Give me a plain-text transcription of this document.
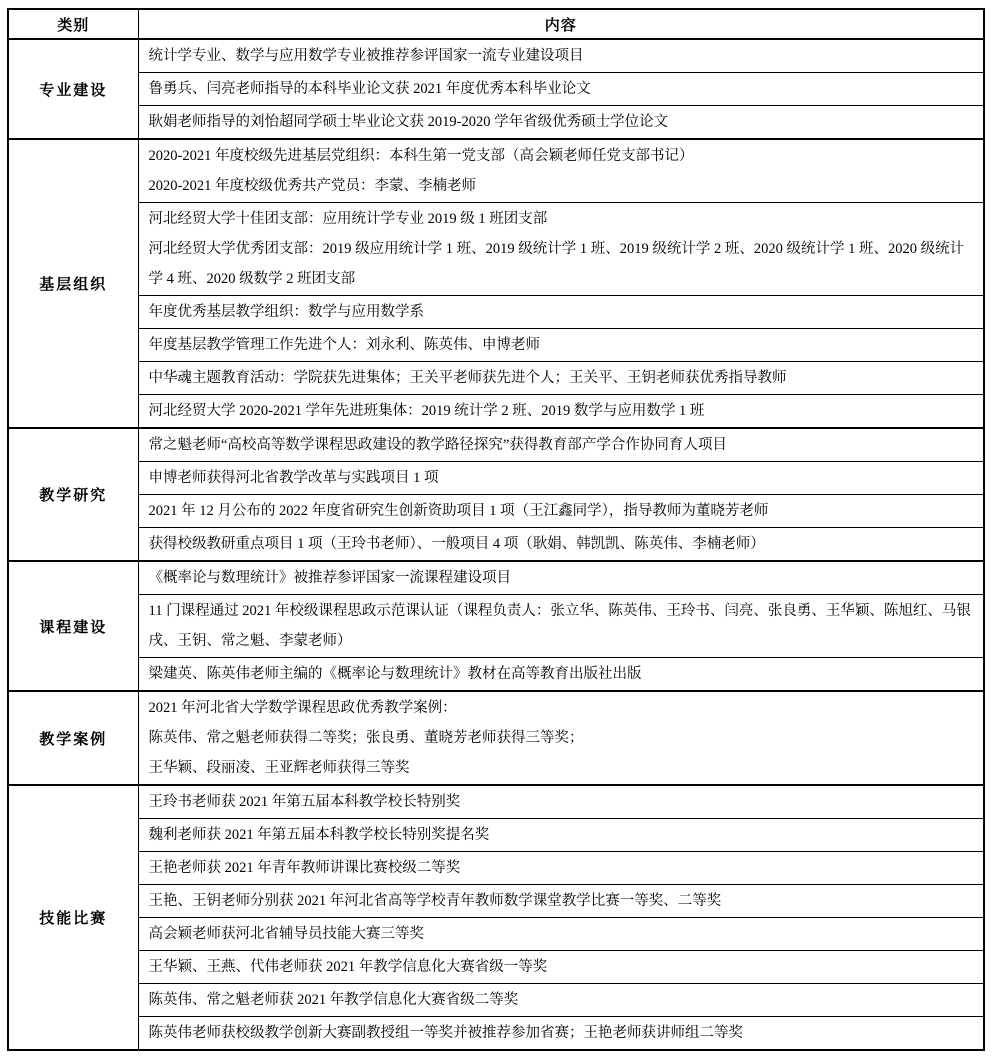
类别	内容
专业建设	统计学专业、数学与应用数学专业被推荐参评国家一流专业建设项目

	鲁勇兵、闫亮老师指导的本科毕业论文获 2021 年度优秀本科毕业论文

	耿娟老师指导的刘怡超同学硕士毕业论文获 2019-2020 学年省级优秀硕士学位论文

基层组织	2020-2021 年度校级先进基层党组织：本科生第一党支部（高会颖老师任党支部书记）
2020-2021 年度校级优秀共产党员：李蒙、李楠老师

	河北经贸大学十佳团支部：应用统计学专业 2019 级 1 班团支部
河北经贸大学优秀团支部：2019 级应用统计学 1 班、2019 级统计学 1 班、2019 级统计学 2 班、2020 级统计学 1 班、2020 级统计学 4 班、2020 级数学 2 班团支部

	年度优秀基层教学组织：数学与应用数学系

	年度基层教学管理工作先进个人：刘永利、陈英伟、申博老师

	中华魂主题教育活动：学院获先进集体；王关平老师获先进个人；王关平、王钥老师获优秀指导教师

	河北经贸大学 2020-2021 学年先进班集体：2019 统计学 2 班、2019 数学与应用数学 1 班

教学研究	常之魁老师“高校高等数学课程思政建设的教学路径探究”获得教育部产学合作协同育人项目

	申博老师获得河北省教学改革与实践项目 1 项

	2021 年 12 月公布的 2022 年度省研究生创新资助项目 1 项（王江鑫同学），指导教师为董晓芳老师

	获得校级教研重点项目 1 项（王玲书老师）、一般项目 4 项（耿娟、韩凯凯、陈英伟、李楠老师）

课程建设	《概率论与数理统计》被推荐参评国家一流课程建设项目

	11 门课程通过 2021 年校级课程思政示范课认证（课程负责人：张立华、陈英伟、王玲书、闫亮、张良勇、王华颖、陈旭红、马银戌、王钥、常之魁、李蒙老师）

	梁建英、陈英伟老师主编的《概率论与数理统计》教材在高等教育出版社出版

教学案例	2021 年河北省大学数学课程思政优秀教学案例：
陈英伟、常之魁老师获得二等奖；张良勇、董晓芳老师获得三等奖；
王华颖、段丽凌、王亚辉老师获得三等奖

技能比赛	王玲书老师获 2021 年第五届本科教学校长特别奖

	魏利老师获 2021 年第五届本科教学校长特别奖提名奖

	王艳老师获 2021 年青年教师讲课比赛校级二等奖

	王艳、王钥老师分别获 2021 年河北省高等学校青年教师数学课堂教学比赛一等奖、二等奖

	高会颖老师获河北省辅导员技能大赛三等奖

	王华颖、王燕、代伟老师获 2021 年教学信息化大赛省级一等奖

	陈英伟、常之魁老师获 2021 年教学信息化大赛省级二等奖

	陈英伟老师获校级教学创新大赛副教授组一等奖并被推荐参加省赛；王艳老师获讲师组二等奖
